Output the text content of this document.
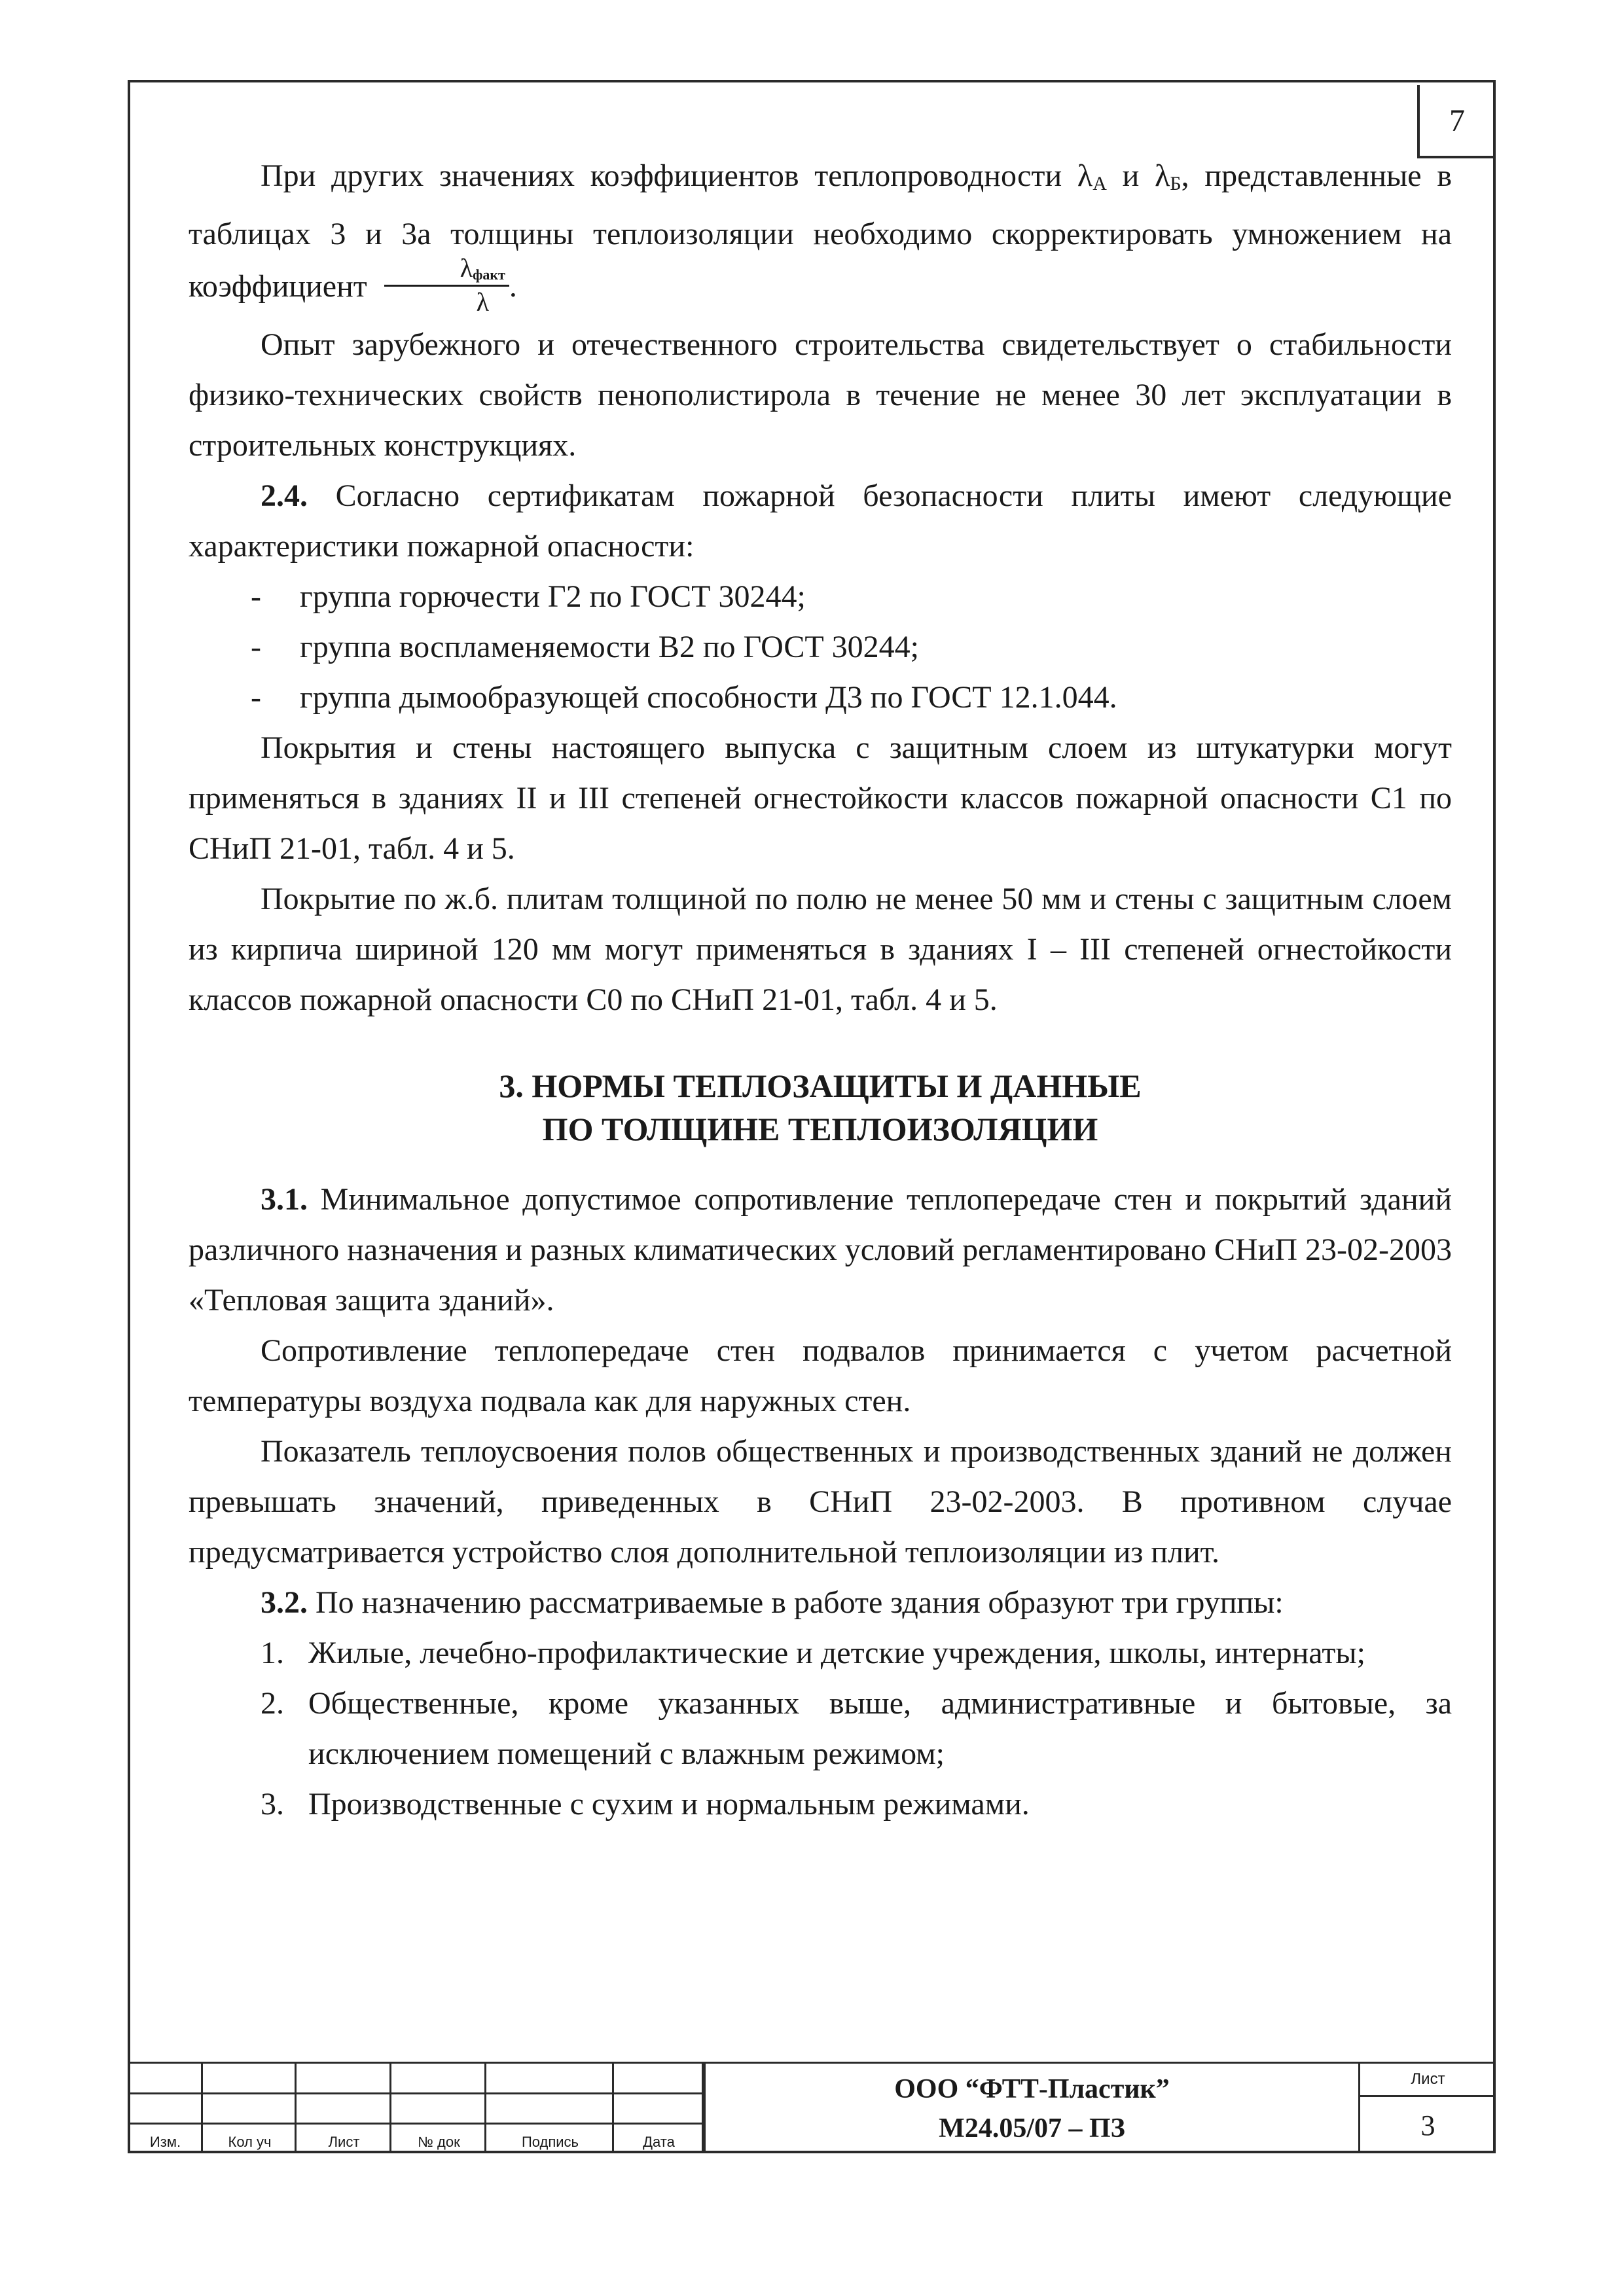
7

При других значениях коэффициентов теплопроводности $\lambda_А$ и $\lambda_Б$, представленные в таблицах 3 и 3а толщины теплоизоляции необходимо скорректировать умножением на коэффициент $\frac{\lambda_{факт}}{\lambda}$ .

Опыт зарубежного и отечественного строительства свидетельствует о стабильности физико-технических свойств пенополистирола в течение не менее 30 лет эксплуатации в строительных конструкциях.

2.4. Согласно сертификатам пожарной безопасности плиты имеют следующие характеристики пожарной опасности:

- группа горючести Г2 по ГОСТ 30244;
- группа воспламеняемости В2 по ГОСТ 30244;
- группа дымообразующей способности Д3 по ГОСТ 12.1.044.

Покрытия и стены настоящего выпуска с защитным слоем из штукатурки могут применяться в зданиях II и III степеней огнестойкости классов пожарной опасности С1 по СНиП 21-01, табл. 4 и 5.

Покрытие по ж.б. плитам толщиной по полю не менее 50 мм и стены с защитным слоем из кирпича шириной 120 мм могут применяться в зданиях I – III степеней огнестойкости классов пожарной опасности С0 по СНиП 21-01, табл. 4 и 5.

3. НОРМЫ ТЕПЛОЗАЩИТЫ И ДАННЫЕ
ПО ТОЛЩИНЕ ТЕПЛОИЗОЛЯЦИИ

3.1. Минимальное допустимое сопротивление теплопередаче стен и покрытий зданий различного назначения и разных климатических условий регламентировано СНиП 23-02-2003 «Тепловая защита зданий».

Сопротивление теплопередаче стен подвалов принимается с учетом расчетной температуры воздуха подвала как для наружных стен.

Показатель теплоусвоения полов общественных и производственных зданий не должен превышать значений, приведенных в СНиП 23-02-2003. В противном случае предусматривается устройство слоя дополнительной теплоизоляции из плит.

3.2. По назначению рассматриваемые в работе здания образуют три группы:

1. Жилые, лечебно-профилактические и детские учреждения, школы, интернаты;
2. Общественные, кроме указанных выше, административные и бытовые, за исключением помещений с влажным режимом;
3. Производственные с сухим и нормальным режимами.
Изм.	Кол уч	Лист	№ док	Подпись	Дата
ООО “ФТТ-Пластик”
М24.05/07 – ПЗ
Лист
3
